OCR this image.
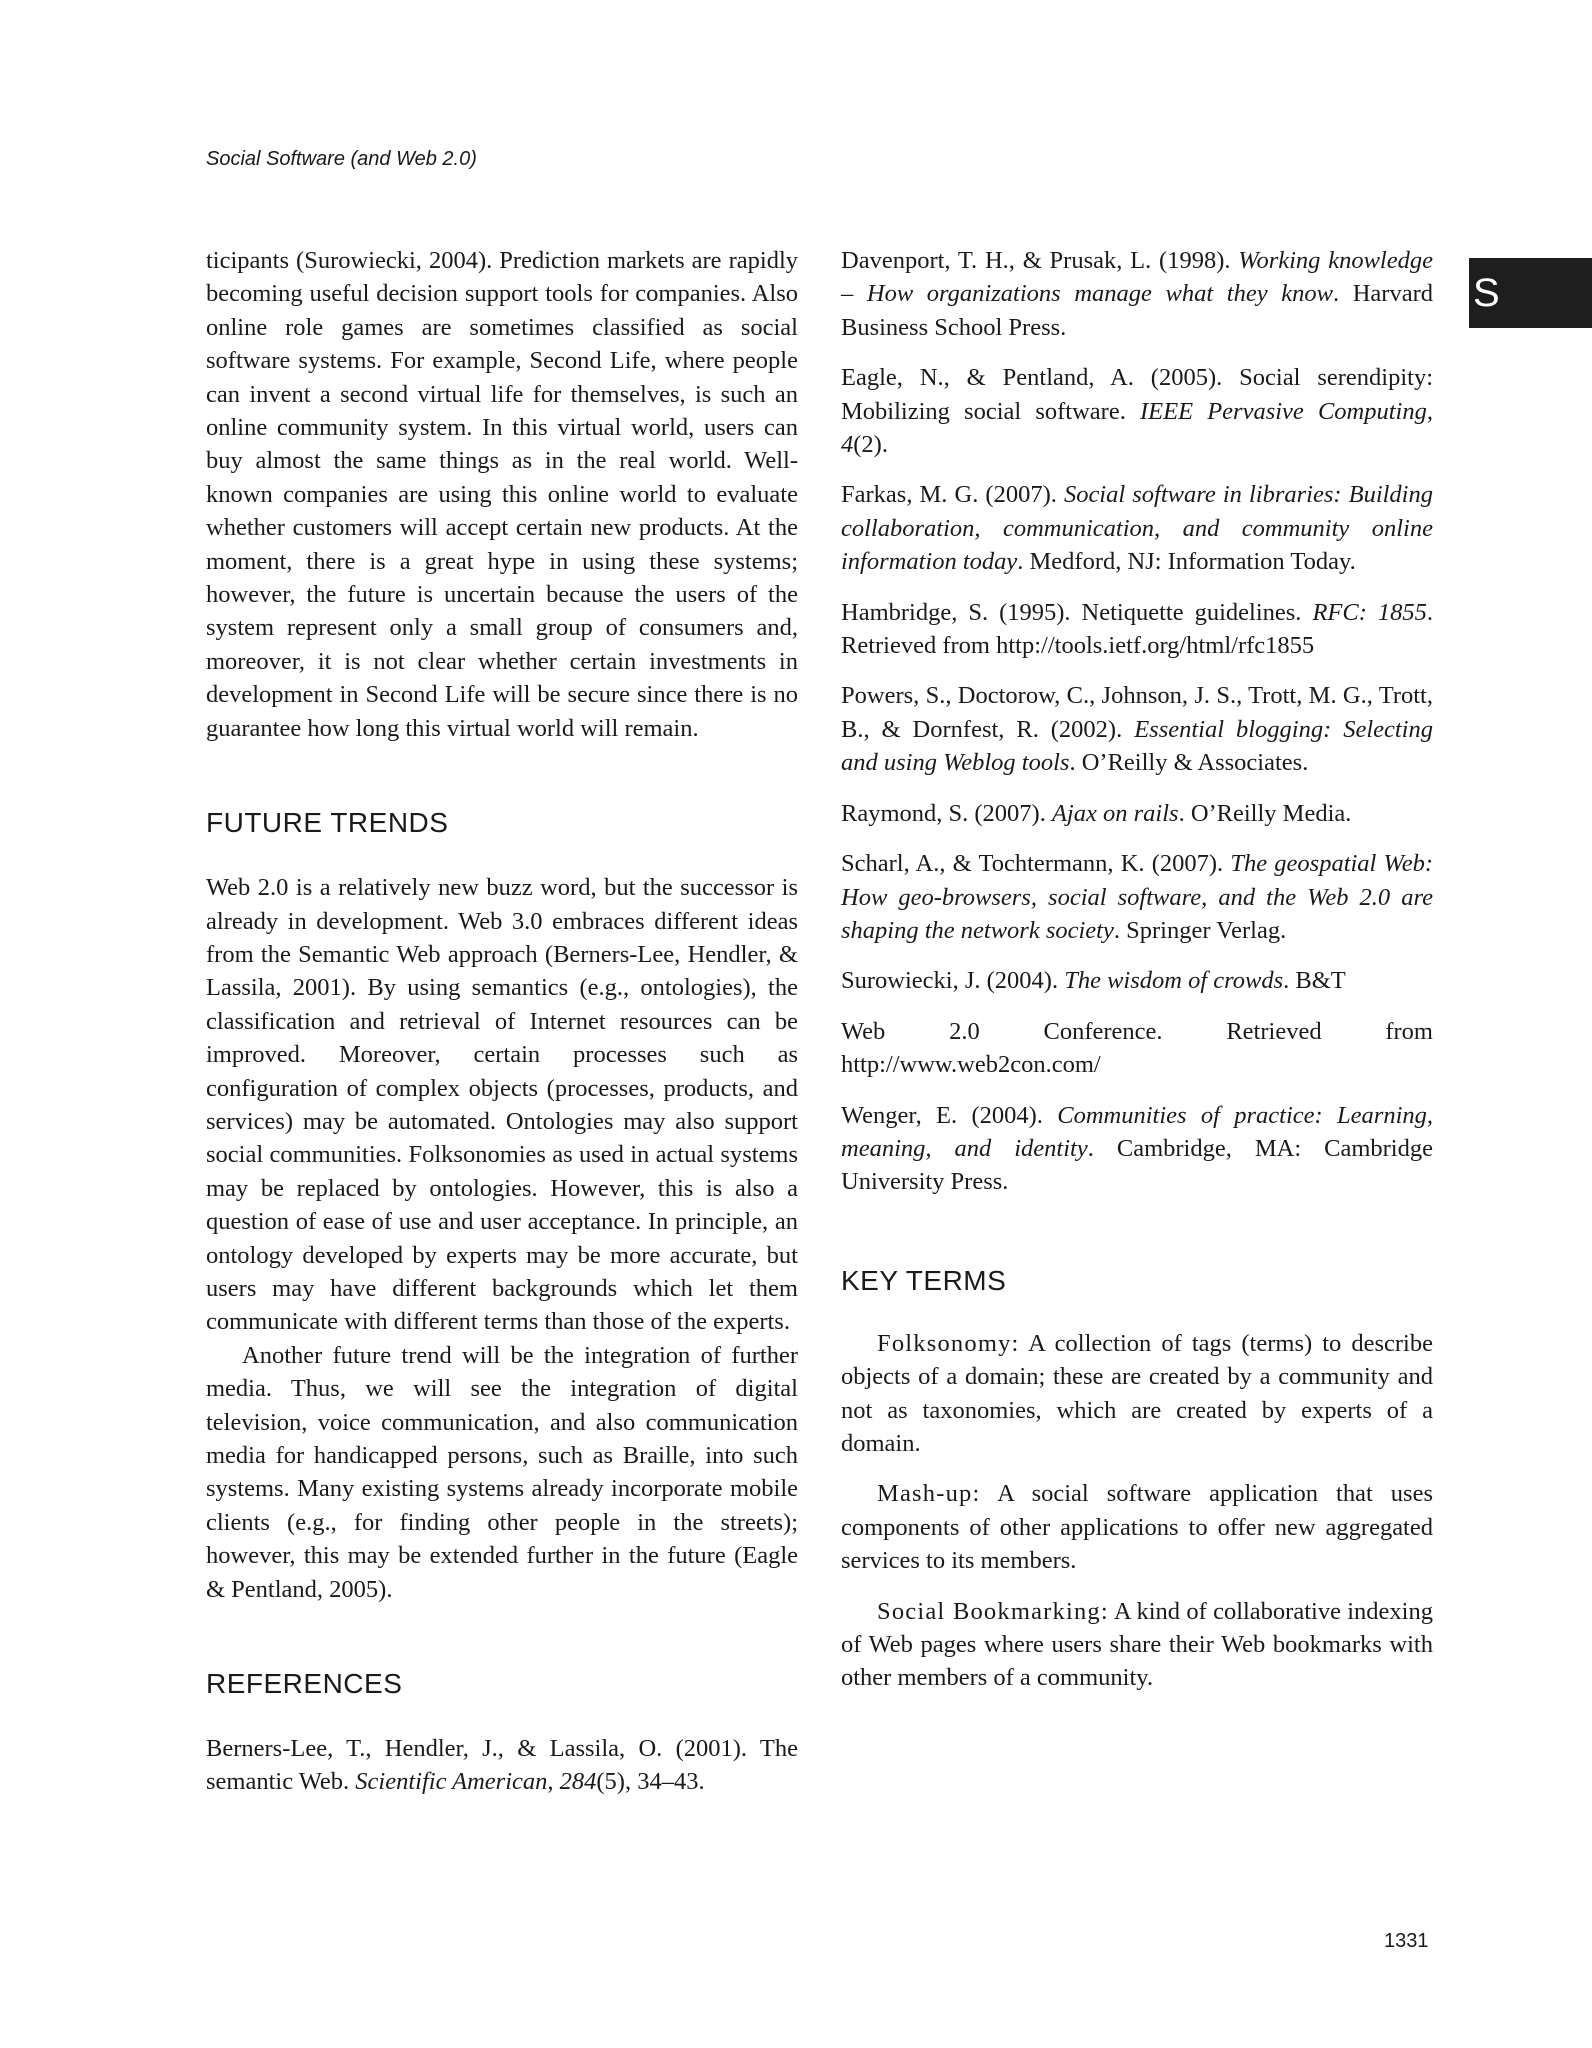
Social Software (and Web 2.0)
S

ticipants (Surowiecki, 2004). Prediction markets are rapidly becoming useful decision support tools for companies. Also online role games are sometimes classified as social software systems. For example, Second Life, where people can invent a second virtual life for themselves, is such an online community system. In this virtual world, users can buy almost the same things as in the real world. Well-known companies are using this online world to evaluate whether customers will accept certain new products. At the moment, there is a great hype in using these systems; however, the future is uncertain because the users of the system represent only a small group of consumers and, moreover, it is not clear whether certain investments in development in Second Life will be secure since there is no guarantee how long this virtual world will remain.

FUTURE TRENDS

Web 2.0 is a relatively new buzz word, but the successor is already in development. Web 3.0 embraces different ideas from the Semantic Web approach (Berners-Lee, Hendler, & Lassila, 2001). By using semantics (e.g., ontologies), the classification and retrieval of Internet resources can be improved. Moreover, certain processes such as configuration of complex objects (processes, products, and services) may be automated. Ontologies may also support social communities. Folksonomies as used in actual systems may be replaced by ontologies. However, this is also a question of ease of use and user acceptance. In principle, an ontology developed by experts may be more accurate, but users may have different backgrounds which let them communicate with different terms than those of the experts.

Another future trend will be the integration of further media. Thus, we will see the integration of digital television, voice communication, and also communication media for handicapped persons, such as Braille, into such systems. Many existing systems already incorporate mobile clients (e.g., for finding other people in the streets); however, this may be extended further in the future (Eagle & Pentland, 2005).

REFERENCES

Berners-Lee, T., Hendler, J., & Lassila, O. (2001). The semantic Web. Scientific American, 284(5), 34–43.

Davenport, T. H., & Prusak, L. (1998). Working knowledge – How organizations manage what they know. Harvard Business School Press.

Eagle, N., & Pentland, A. (2005). Social serendipity: Mobilizing social software. IEEE Pervasive Computing, 4(2).

Farkas, M. G. (2007). Social software in libraries: Building collaboration, communication, and community online information today. Medford, NJ: Information Today.

Hambridge, S. (1995). Netiquette guidelines. RFC: 1855. Retrieved from http://tools.ietf.org/html/rfc1855

Powers, S., Doctorow, C., Johnson, J. S., Trott, M. G., Trott, B., & Dornfest, R. (2002). Essential blogging: Selecting and using Weblog tools. O’Reilly & Associates.

Raymond, S. (2007). Ajax on rails. O’Reilly Media.

Scharl, A., & Tochtermann, K. (2007). The geospatial Web: How geo-browsers, social software, and the Web 2.0 are shaping the network society. Springer Verlag.

Surowiecki, J. (2004). The wisdom of crowds. B&T

Web 2.0 Conference. Retrieved from http://www.web2con.com/

Wenger, E. (2004). Communities of practice: Learning, meaning, and identity. Cambridge, MA: Cambridge University Press.

KEY TERMS

Folksonomy: A collection of tags (terms) to describe objects of a domain; these are created by a community and not as taxonomies, which are created by experts of a domain.

Mash-up: A social software application that uses components of other applications to offer new aggregated services to its members.

Social Bookmarking: A kind of collaborative indexing of Web pages where users share their Web bookmarks with other members of a community.

1331
